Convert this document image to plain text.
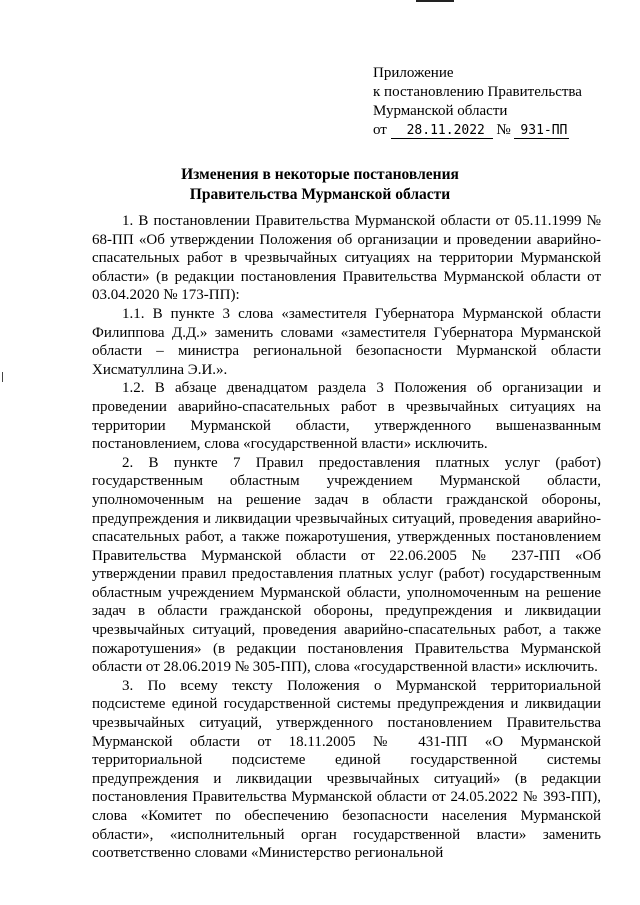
Приложение
к постановлению Правительства
Мурманской области
от 28.11.2022 № 931-ПП
Изменения в некоторые постановления
Правительства Мурманской области

1. В постановлении Правительства Мурманской области от 05.11.1999 № 68-ПП «Об утверждении Положения об организации и проведении аварийно-спасательных работ в чрезвычайных ситуациях на территории Мурманской области» (в редакции постановления Правительства Мурманской области от 03.04.2020 № 173-ПП):

1.1. В пункте 3 слова «заместителя Губернатора Мурманской области Филиппова Д.Д.» заменить словами «заместителя Губернатора Мурманской области – министра региональной безопасности Мурманской области Хисматуллина Э.И.».

1.2. В абзаце двенадцатом раздела 3 Положения об организации и проведении аварийно-спасательных работ в чрезвычайных ситуациях на территории Мурманской области, утвержденного вышеназванным постановлением, слова «государственной власти» исключить.

2. В пункте 7 Правил предоставления платных услуг (работ) государственным областным учреждением Мурманской области, уполномоченным на решение задач в области гражданской обороны, предупреждения и ликвидации чрезвычайных ситуаций, проведения аварийно-спасательных работ, а также пожаротушения, утвержденных постановлением Правительства Мурманской области от 22.06.2005 № 237-ПП «Об утверждении правил предоставления платных услуг (работ) государственным областным учреждением Мурманской области, уполномоченным на решение задач в области гражданской обороны, предупреждения и ликвидации чрезвычайных ситуаций, проведения аварийно-спасательных работ, а также пожаротушения» (в редакции постановления Правительства Мурманской области от 28.06.2019 № 305-ПП), слова «государственной власти» исключить.

3. По всему тексту Положения о Мурманской территориальной подсистеме единой государственной системы предупреждения и ликвидации чрезвычайных ситуаций, утвержденного постановлением Правительства Мурманской области от 18.11.2005 № 431-ПП «О Мурманской территориальной подсистеме единой государственной системы предупреждения и ликвидации чрезвычайных ситуаций» (в редакции постановления Правительства Мурманской области от 24.05.2022 № 393-ПП), слова «Комитет по обеспечению безопасности населения Мурманской области», «исполнительный орган государственной власти» заменить соответственно словами «Министерство региональной
